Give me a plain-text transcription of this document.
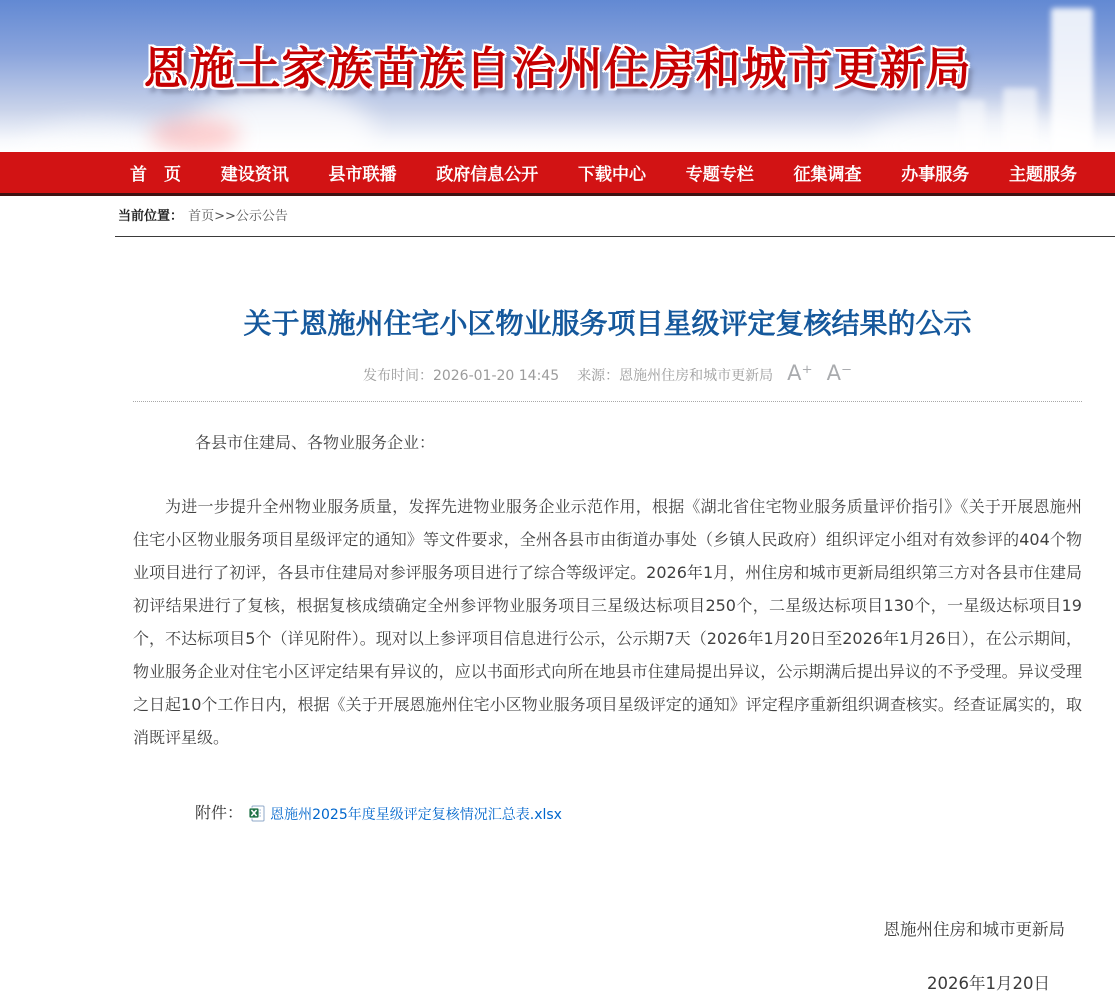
恩施土家族苗族自治州住房和城市更新局
首　页 建设资讯 县市联播 政府信息公开 下载中心 专题专栏 征集调查 办事服务 主题服务
当前位置： 首页>>公示公告
关于恩施州住宅小区物业服务项目星级评定复核结果的公示
发布时间：2026-01-20 14:45 来源：恩施州住房和城市更新局 A⁺ A⁻
各县市住建局、各物业服务企业：

为进一步提升全州物业服务质量，发挥先进物业服务企业示范作用，根据《湖北省住宅物业服务质量评价指引》《关于开展恩施州住宅小区物业服务项目星级评定的通知》等文件要求，全州各县市由街道办事处（乡镇人民政府）组织评定小组对有效参评的404个物业项目进行了初评，各县市住建局对参评服务项目进行了综合等级评定。2026年1月，州住房和城市更新局组织第三方对各县市住建局初评结果进行了复核，根据复核成绩确定全州参评物业服务项目三星级达标项目250个，二星级达标项目130个，一星级达标项目19个，不达标项目5个（详见附件）。现对以上参评项目信息进行公示，公示期7天（2026年1月20日至2026年1月26日），在公示期间，物业服务企业对住宅小区评定结果有异议的，应以书面形式向所在地县市住建局提出异议，公示期满后提出异议的不予受理。异议受理之日起10个工作日内，根据《关于开展恩施州住宅小区物业服务项目星级评定的通知》评定程序重新组织调查核实。经查证属实的，取消既评星级。

附件： 恩施州2025年度星级评定复核情况汇总表.xlsx
恩施州住房和城市更新局
2026年1月20日
